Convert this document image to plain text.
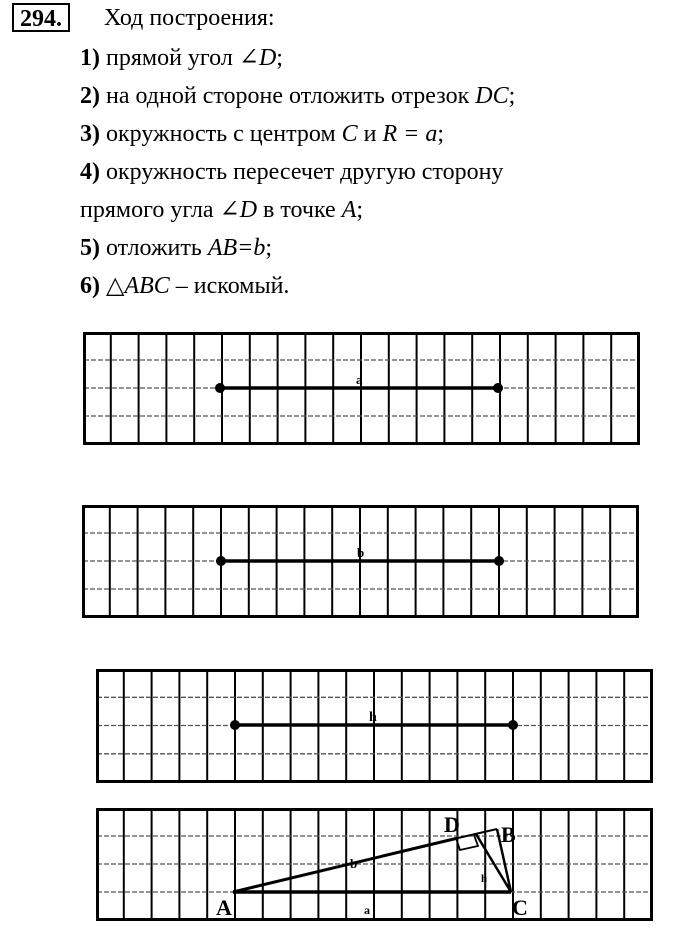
294.	Ход построения:
1) прямой угол ∠D;
2) на одной стороне отложить отрезок DC;
3) окружность с центром C и R = a;
4) окружность пересечет другую сторону
прямого угла ∠D в точке A;
5) отложить AB=b;
6) △ABC – искомый.
a
b
h
A
B
C
D
b
a
h
